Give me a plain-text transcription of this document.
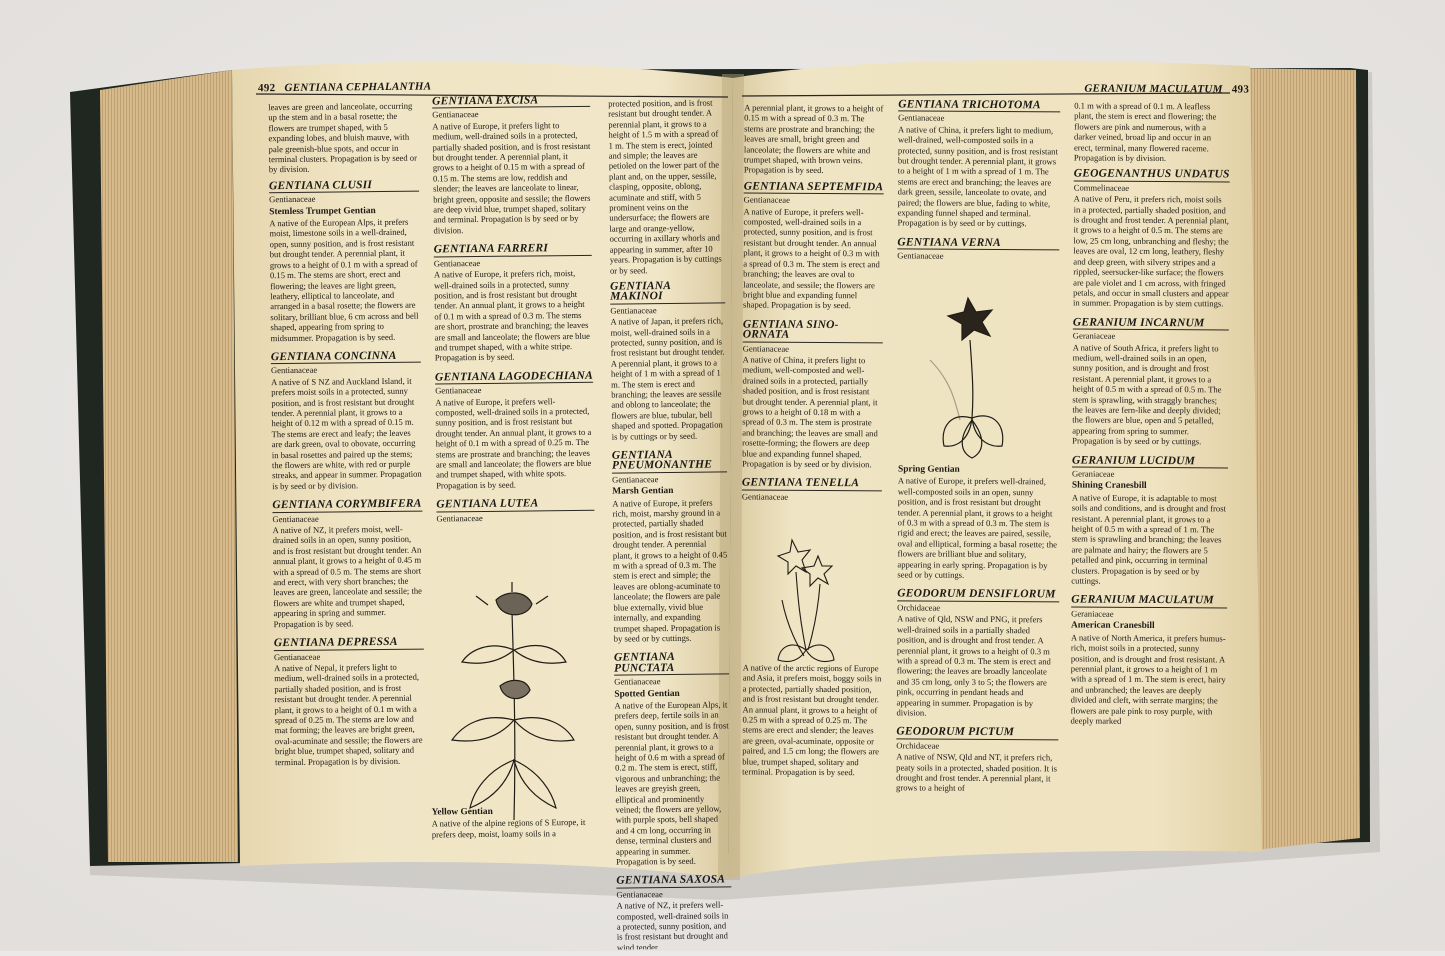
492 GENTIANA CEPHALANTHA

leaves are green and lanceolate, occurring up the stem and in a basal rosette; the flowers are trumpet shaped, with 5 expanding lobes, and bluish mauve, with pale greenish-blue spots, and occur in terminal clusters. Propagation is by seed or by division.

GENTIANA CLUSII
Gentianaceae
Stemless Trumpet Gentian

A native of the European Alps, it prefers moist, limestone soils in a well-drained, open, sunny position, and is frost resistant but drought tender. A perennial plant, it grows to a height of 0.1 m with a spread of 0.15 m. The stems are short, erect and flowering; the leaves are light green, leathery, elliptical to lanceolate, and arranged in a basal rosette; the flowers are solitary, brilliant blue, 6 cm across and bell shaped, appearing from spring to midsummer. Propagation is by seed.

GENTIANA CONCINNA
Gentianaceae

A native of S NZ and Auckland Island, it prefers moist soils in a protected, sunny position, and is frost resistant but drought tender. A perennial plant, it grows to a height of 0.12 m with a spread of 0.15 m. The stems are erect and leafy; the leaves are dark green, oval to obovate, occurring in basal rosettes and paired up the stems; the flowers are white, with red or purple streaks, and appear in summer. Propagation is by seed or by division.

GENTIANA CORYMBIFERA
Gentianaceae

A native of NZ, it prefers moist, well-drained soils in an open, sunny position, and is frost resistant but drought tender. An annual plant, it grows to a height of 0.45 m with a spread of 0.5 m. The stems are short and erect, with very short branches; the leaves are green, lanceolate and sessile; the flowers are white and trumpet shaped, appearing in spring and summer. Propagation is by seed.

GENTIANA DEPRESSA
Gentianaceae

A native of Nepal, it prefers light to medium, well-drained soils in a protected, partially shaded position, and is frost resistant but drought tender. A perennial plant, it grows to a height of 0.1 m with a spread of 0.25 m. The stems are low and mat forming; the leaves are bright green, oval-acuminate and sessile; the flowers are bright blue, trumpet shaped, solitary and terminal. Propagation is by division.

GENTIANA EXCISA
Gentianaceae

A native of Europe, it prefers light to medium, well-drained soils in a protected, partially shaded position, and is frost resistant but drought tender. A perennial plant, it grows to a height of 0.15 m with a spread of 0.15 m. The stems are low, reddish and slender; the leaves are lanceolate to linear, bright green, opposite and sessile; the flowers are deep vivid blue, trumpet shaped, solitary and terminal. Propagation is by seed or by division.

GENTIANA FARRERI
Gentianaceae

A native of Europe, it prefers rich, moist, well-drained soils in a protected, sunny position, and is frost resistant but drought tender. An annual plant, it grows to a height of 0.1 m with a spread of 0.3 m. The stems are short, prostrate and branching; the leaves are small and lanceolate; the flowers are blue and trumpet shaped, with a white stripe. Propagation is by seed.

GENTIANA LAGODECHIANA
Gentianaceae

A native of Europe, it prefers well-composted, well-drained soils in a protected, sunny position, and is frost resistant but drought tender. An annual plant, it grows to a height of 0.1 m with a spread of 0.25 m. The stems are prostrate and branching; the leaves are small and lanceolate; the flowers are blue and trumpet shaped, with white spots. Propagation is by seed.

GENTIANA LUTEA
Gentianaceae
Yellow Gentian

A native of the alpine regions of S Europe, it prefers deep, moist, loamy soils in a

protected position, and is frost resistant but drought tender. A perennial plant, it grows to a height of 1.5 m with a spread of 1 m. The stem is erect, jointed and simple; the leaves are petioled on the lower part of the plant and, on the upper, sessile, clasping, opposite, oblong, acuminate and stiff, with 5 prominent veins on the undersurface; the flowers are large and orange-yellow, occurring in axillary whorls and appearing in summer, after 10 years. Propagation is by cuttings or by seed.

GENTIANA MAKINOI
Gentianaceae

A native of Japan, it prefers rich, moist, well-drained soils in a protected, sunny position, and is frost resistant but drought tender. A perennial plant, it grows to a height of 1 m with a spread of 1 m. The stem is erect and branching; the leaves are sessile and oblong to lanceolate; the flowers are blue, tubular, bell shaped and spotted. Propagation is by cuttings or by seed.

GENTIANA PNEUMONANTHE
Gentianaceae
Marsh Gentian

A native of Europe, it prefers rich, moist, marshy ground in a protected, partially shaded position, and is frost resistant but drought tender. A perennial plant, it grows to a height of 0.45 m with a spread of 0.3 m. The stem is erect and simple; the leaves are oblong-acuminate to lanceolate; the flowers are pale blue externally, vivid blue internally, and expanding trumpet shaped. Propagation is by seed or by cuttings.

GENTIANA PUNCTATA
Gentianaceae
Spotted Gentian

A native of the European Alps, it prefers deep, fertile soils in an open, sunny position, and is frost resistant but drought tender. A perennial plant, it grows to a height of 0.6 m with a spread of 0.2 m. The stem is erect, stiff, vigorous and unbranching; the leaves are greyish green, elliptical and prominently veined; the flowers are yellow, with purple spots, bell shaped and 4 cm long, occurring in dense, terminal clusters and appearing in summer. Propagation is by seed.

GENTIANA SAXOSA
Gentianaceae

A native of NZ, it prefers well-composted, well-drained soils in a protected, sunny position, and is frost resistant but drought and wind tender.

GERANIUM MACULATUM 493

A perennial plant, it grows to a height of 0.15 m with a spread of 0.3 m. The stems are prostrate and branching; the leaves are small, bright green and lanceolate; the flowers are white and trumpet shaped, with brown veins. Propagation is by seed.

GENTIANA SEPTEMFIDA
Gentianaceae

A native of Europe, it prefers well-composted, well-drained soils in a protected, sunny position, and is frost resistant but drought tender. An annual plant, it grows to a height of 0.3 m with a spread of 0.3 m. The stem is erect and branching; the leaves are oval to lanceolate, and sessile; the flowers are bright blue and expanding funnel shaped. Propagation is by seed.

GENTIANA SINO-ORNATA
Gentianaceae

A native of China, it prefers light to medium, well-composted and well-drained soils in a protected, partially shaded position, and is frost resistant but drought tender. A perennial plant, it grows to a height of 0.18 m with a spread of 0.3 m. The stem is prostrate and branching; the leaves are small and rosette-forming; the flowers are deep blue and expanding funnel shaped. Propagation is by seed or by division.

GENTIANA TENELLA
Gentianaceae

A native of the arctic regions of Europe and Asia, it prefers moist, boggy soils in a protected, partially shaded position, and is frost resistant but drought tender. An annual plant, it grows to a height of 0.25 m with a spread of 0.25 m. The stems are erect and slender; the leaves are green, oval-acuminate, opposite or paired, and 1.5 cm long; the flowers are blue, trumpet shaped, solitary and terminal. Propagation is by seed.

GENTIANA TRICHOTOMA
Gentianaceae

A native of China, it prefers light to medium, well-drained, well-composted soils in a protected, sunny position, and is frost resistant but drought tender. A perennial plant, it grows to a height of 1 m with a spread of 1 m. The stems are erect and branching; the leaves are dark green, sessile, lanceolate to ovate, and paired; the flowers are blue, fading to white, expanding funnel shaped and terminal. Propagation is by seed or by cuttings.

GENTIANA VERNA
Gentianaceae
Spring Gentian

A native of Europe, it prefers well-drained, well-composted soils in an open, sunny position, and is frost resistant but drought tender. A perennial plant, it grows to a height of 0.3 m with a spread of 0.3 m. The stem is rigid and erect; the leaves are paired, sessile, oval and elliptical, forming a basal rosette; the flowers are brilliant blue and solitary, appearing in early spring. Propagation is by seed or by cuttings.

GEODORUM DENSIFLORUM
Orchidaceae

A native of Qld, NSW and PNG, it prefers well-drained soils in a partially shaded position, and is drought and frost tender. A perennial plant, it grows to a height of 0.3 m with a spread of 0.3 m. The stem is erect and flowering; the leaves are broadly lanceolate and 35 cm long, only 3 to 5; the flowers are pink, occurring in pendant heads and appearing in summer. Propagation is by division.

GEODORUM PICTUM
Orchidaceae

A native of NSW, Qld and NT, it prefers rich, peaty soils in a protected, shaded position. It is drought and frost tender. A perennial plant, it grows to a height of

0.1 m with a spread of 0.1 m. A leafless plant, the stem is erect and flowering; the flowers are pink and numerous, with a darker veined, broad lip and occur in an erect, terminal, many flowered raceme. Propagation is by division.

GEOGENANTHUS UNDATUS
Commelinaceae

A native of Peru, it prefers rich, moist soils in a protected, partially shaded position, and is drought and frost tender. A perennial plant, it grows to a height of 0.5 m. The stems are low, 25 cm long, unbranching and fleshy; the leaves are oval, 12 cm long, leathery, fleshy and deep green, with silvery stripes and a rippled, seersucker-like surface; the flowers are pale violet and 1 cm across, with fringed petals, and occur in small clusters and appear in summer. Propagation is by stem cuttings.

GERANIUM INCARNUM
Geraniaceae

A native of South Africa, it prefers light to medium, well-drained soils in an open, sunny position, and is drought and frost resistant. A perennial plant, it grows to a height of 0.5 m with a spread of 0.5 m. The stem is sprawling, with straggly branches; the leaves are fern-like and deeply divided; the flowers are blue, open and 5 petalled, appearing from spring to summer. Propagation is by seed or by cuttings.

GERANIUM LUCIDUM
Geraniaceae
Shining Cranesbill

A native of Europe, it is adaptable to most soils and conditions, and is drought and frost resistant. A perennial plant, it grows to a height of 0.5 m with a spread of 1 m. The stem is sprawling and branching; the leaves are palmate and hairy; the flowers are 5 petalled and pink, occurring in terminal clusters. Propagation is by seed or by cuttings.

GERANIUM MACULATUM
Geraniaceae
American Cranesbill

A native of North America, it prefers humus-rich, moist soils in a protected, sunny position, and is drought and frost resistant. A perennial plant, it grows to a height of 1 m with a spread of 1 m. The stem is erect, hairy and unbranched; the leaves are deeply divided and cleft, with serrate margins; the flowers are pale pink to rosy purple, with deeply marked
